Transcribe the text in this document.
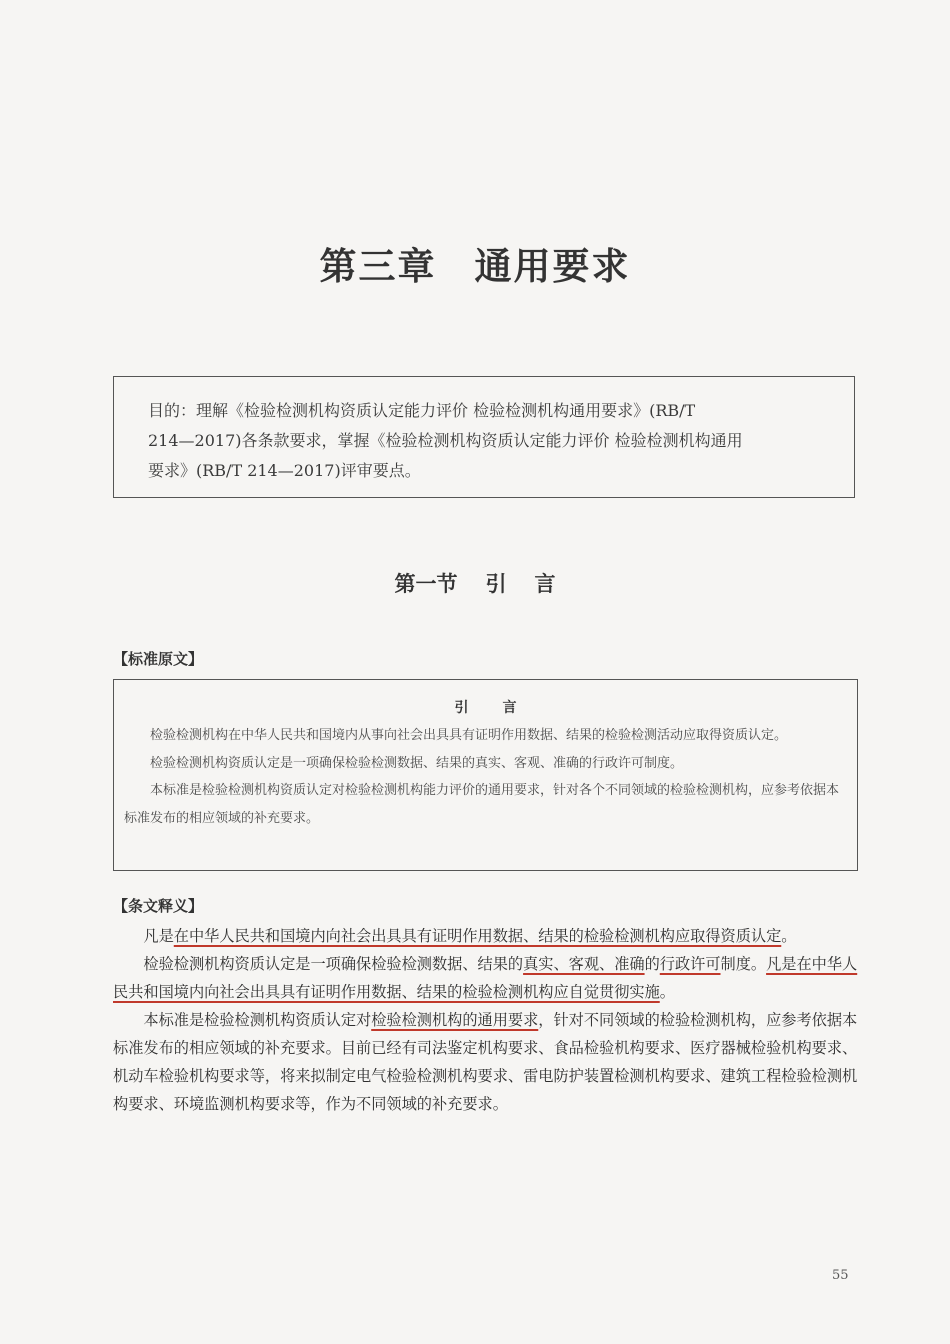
第三章 通用要求
目的：理解《检验检测机构资质认定能力评价 检验检测机构通用要求》(RB/T
214—2017)各条款要求，掌握《检验检测机构资质认定能力评价 检验检测机构通用
要求》(RB/T 214—2017)评审要点。
第一节 引 言
【标准原文】
引言

检验检测机构在中华人民共和国境内从事向社会出具具有证明作用数据、结果的检验检测活动应取得资质认定。

检验检测机构资质认定是一项确保检验检测数据、结果的真实、客观、准确的行政许可制度。

本标准是检验检测机构资质认定对检验检测机构能力评价的通用要求，针对各个不同领域的检验检测机构，应参考依据本标准发布的相应领域的补充要求。

【条文释义】

凡是在中华人民共和国境内向社会出具具有证明作用数据、结果的检验检测机构应取得资质认定。

检验检测机构资质认定是一项确保检验检测数据、结果的真实、客观、准确的行政许可制度。凡是在中华人民共和国境内向社会出具具有证明作用数据、结果的检验检测机构应自觉贯彻实施。

本标准是检验检测机构资质认定对检验检测机构的通用要求，针对不同领域的检验检测机构，应参考依据本标准发布的相应领域的补充要求。目前已经有司法鉴定机构要求、食品检验机构要求、医疗器械检验机构要求、机动车检验机构要求等，将来拟制定电气检验检测机构要求、雷电防护装置检测机构要求、建筑工程检验检测机构要求、环境监测机构要求等，作为不同领域的补充要求。

55
